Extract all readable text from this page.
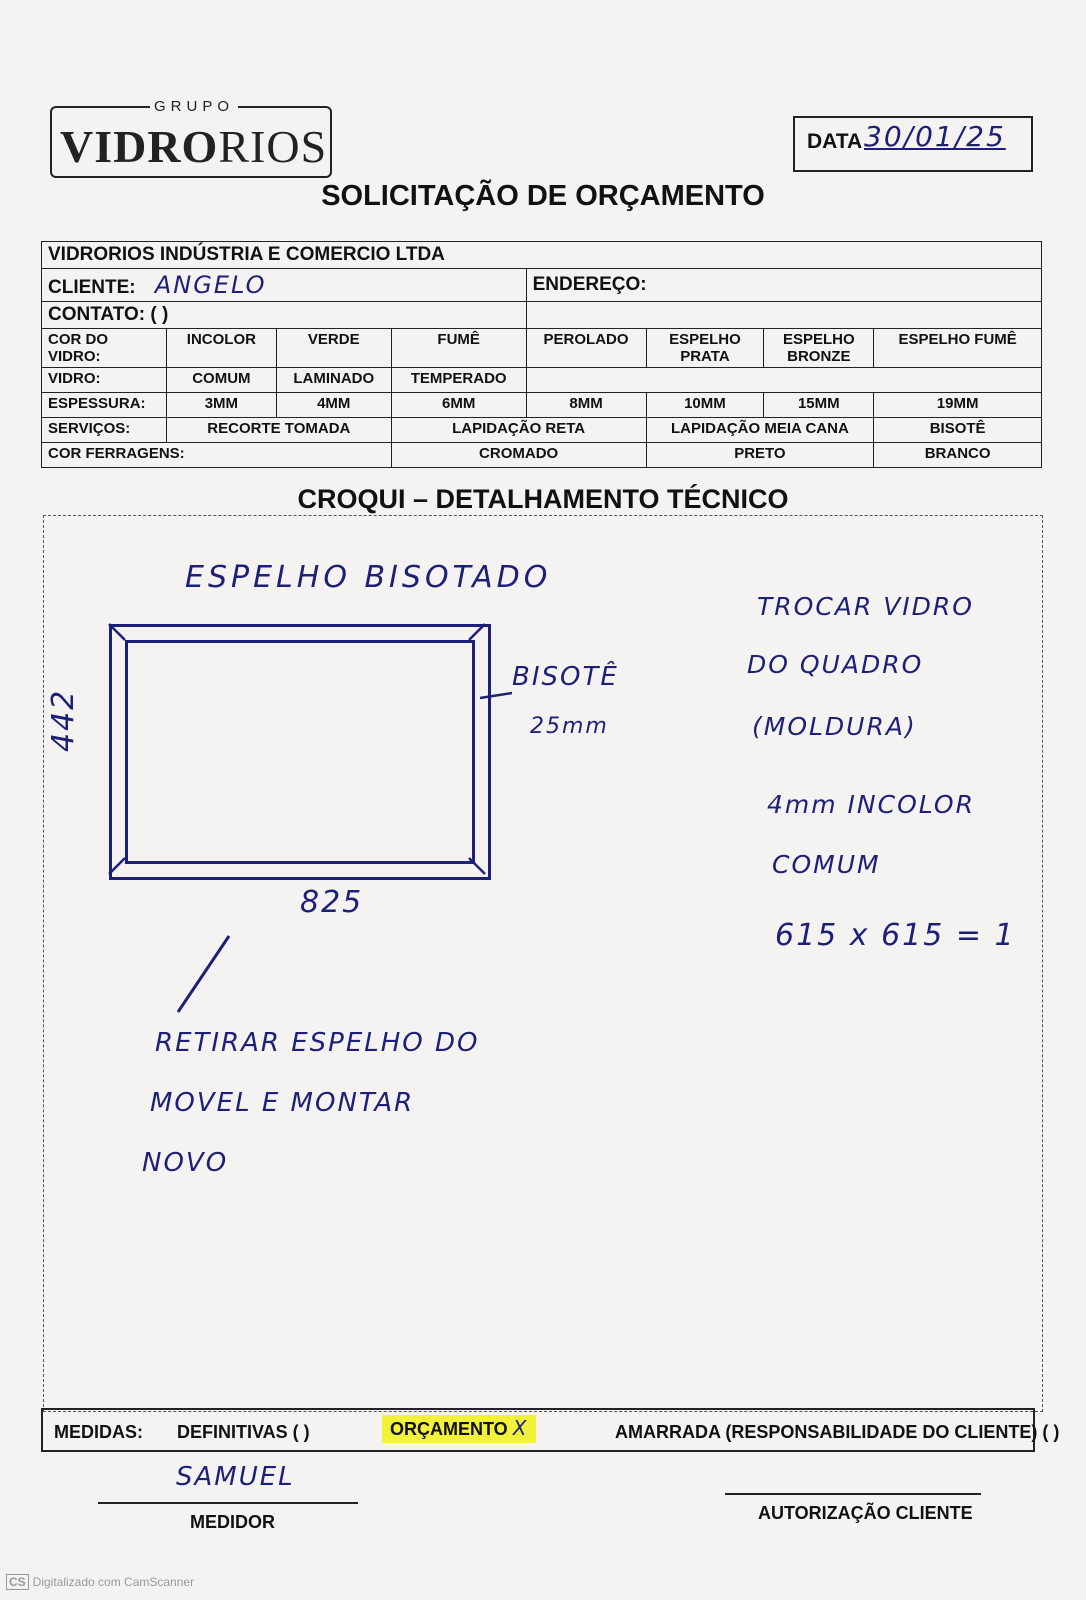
GRUPO
VIDRORIOS	DATA 30/01/25
SOLICITAÇÃO DE ORÇAMENTO
VIDRORIOS INDÚSTRIA E COMERCIO LTDA							
CLIENTE: ANGELO				ENDEREÇO:			
CONTATO: ( )							
COR DO
VIDRO:	INCOLOR	VERDE	FUMÊ	PEROLADO	ESPELHO PRATA	ESPELHO BRONZE	ESPELHO FUMÊ
VIDRO:	COMUM	LAMINADO	TEMPERADO				
ESPESSURA:	3MM	4MM	6MM	8MM	10MM	15MM	19MM
SERVIÇOS:	RECORTE TOMADA		LAPIDAÇÃO RETA		LAPIDAÇÃO MEIA CANA		BISOTÊ
COR FERRAGENS:			CROMADO		PRETO		BRANCO
CROQUI – DETALHAMENTO TÉCNICO
ESPELHO BISOTADO
BISOTÊ
25mm
442
825
TROCAR VIDRO
DO QUADRO
(MOLDURA)
4mm INCOLOR
COMUM
615 x 615 = 1
RETIRAR ESPELHO DO
MOVEL E MONTAR
NOVO
MEDIDAS: DEFINITIVAS ( )	ORÇAMENTO X	AMARRADA (RESPONSABILIDADE DO CLIENTE) ( )
SAMUEL
MEDIDOR	AUTORIZAÇÃO CLIENTE
CS Digitalizado com CamScanner
